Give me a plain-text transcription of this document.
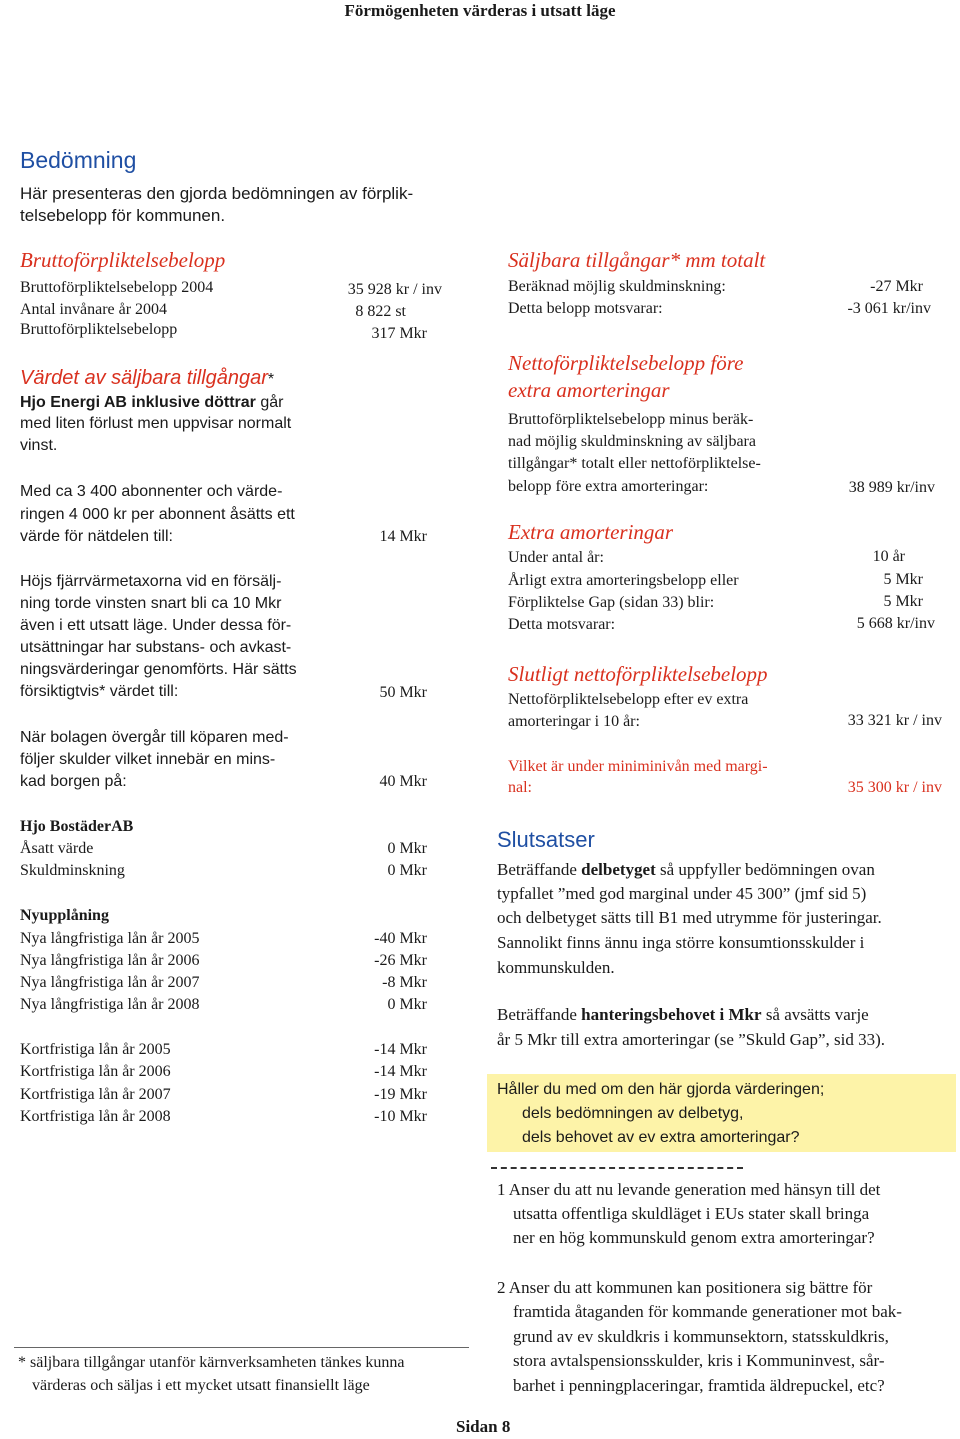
Förmögenheten värderas i utsatt läge
Bedömning
Här presenteras den gjorda bedömningen av förplik-
telsebelopp för kommunen.
Bruttoförpliktelsebelopp
Bruttoförpliktelsebelopp 2004	35 928 kr / inv
Antal invånare år 2004	8 822 st
Bruttoförpliktelsebelopp	317 Mkr
Värdet av säljbara tillgångar*
Hjo Energi AB inklusive döttrar går
med liten förlust men uppvisar normalt
vinst.
Med ca 3 400 abonnenter och värde-
ringen 4 000 kr per abonnent åsätts ett
värde för nätdelen till:	14 Mkr
Höjs fjärrvärmetaxorna vid en försälj-
ning torde vinsten snart bli ca 10 Mkr
även i ett utsatt läge. Under dessa för-
utsättningar har substans- och avkast-
ningsvärderingar genomförts. Här sätts
försiktigtvis* värdet till:	50 Mkr
När bolagen övergår till köparen med-
följer skulder vilket innebär en mins-
kad borgen på:	40 Mkr
Hjo BostäderAB
Åsatt värde	0 Mkr
Skuldminskning	0 Mkr
Nyupplåning
Nya långfristiga lån år 2005	-40 Mkr
Nya långfristiga lån år 2006	-26 Mkr
Nya långfristiga lån år 2007	-8 Mkr
Nya långfristiga lån år 2008	0 Mkr
Kortfristiga lån år 2005	-14 Mkr
Kortfristiga lån år 2006	-14 Mkr
Kortfristiga lån år 2007	-19 Mkr
Kortfristiga lån år 2008	-10 Mkr
* säljbara tillgångar utanför kärnverksamheten tänkes kunna
värderas och säljas i ett mycket utsatt finansiellt läge
Sidan 8
Säljbara tillgångar* mm totalt
Beräknad möjlig skuldminskning:	-27 Mkr
Detta belopp motsvarar:	-3 061 kr/inv
Nettoförpliktelsebelopp före
extra amorteringar
Bruttoförpliktelsebelopp minus beräk-
nad möjlig skuldminskning av säljbara
tillgångar* totalt eller nettoförpliktelse-
belopp före extra amorteringar:	38 989 kr/inv
Extra amorteringar
Under antal år:	10 år
Årligt extra amorteringsbelopp eller	5 Mkr
Förpliktelse Gap (sidan 33) blir:	5 Mkr
Detta motsvarar:	5 668 kr/inv
Slutligt nettoförpliktelsebelopp
Nettoförpliktelsebelopp efter ev extra
amorteringar i 10 år:	33 321 kr / inv
Vilket är under miniminivån med margi-
nal:	35 300 kr / inv
Slutsatser
Beträffande delbetyget så uppfyller bedömningen ovan
typfallet ”med god marginal under 45 300” (jmf sid 5)
och delbetyget sätts till B1 med utrymme för justeringar.
Sannolikt finns ännu inga större konsumtionsskulder i
kommunskulden.
Beträffande hanteringsbehovet i Mkr så avsätts varje
år 5 Mkr till extra amorteringar (se ”Skuld Gap”, sid 33).
Håller du med om den här gjorda värderingen;
dels bedömningen av delbetyg,
dels behovet av ev extra amorteringar?
1 Anser du att nu levande generation med hänsyn till det
utsatta offentliga skuldläget i EUs stater skall bringa
ner en hög kommunskuld genom extra amorteringar?
2 Anser du att kommunen kan positionera sig bättre för
framtida åtaganden för kommande generationer mot bak-
grund av ev skuldkris i kommunsektorn, statsskuldkris,
stora avtalspensionsskulder, kris i Kommuninvest, sår-
barhet i penningplaceringar, framtida äldrepuckel, etc?
